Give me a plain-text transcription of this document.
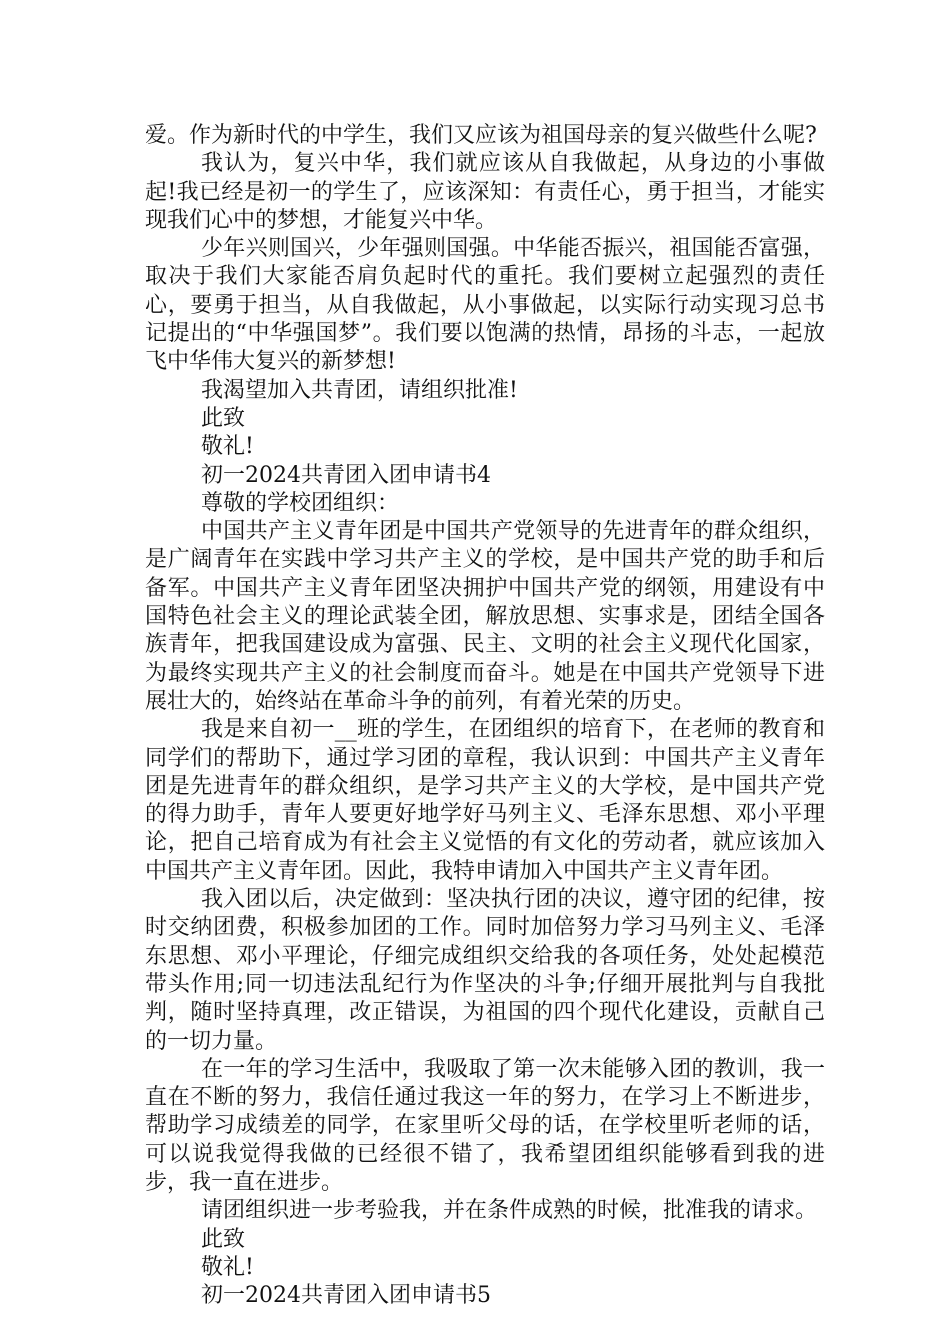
爱。作为新时代的中学生，我们又应该为祖国母亲的复兴做些什么呢?

我认为，复兴中华，我们就应该从自我做起，从身边的小事做起!我已经是初一的学生了，应该深知：有责任心，勇于担当，才能实现我们心中的梦想，才能复兴中华。

少年兴则国兴，少年强则国强。中华能否振兴，祖国能否富强，取决于我们大家能否肩负起时代的重托。我们要树立起强烈的责任心，要勇于担当，从自我做起，从小事做起，以实际行动实现习总书记提出的“中华强国梦”。我们要以饱满的热情，昂扬的斗志，一起放飞中华伟大复兴的新梦想!

我渴望加入共青团，请组织批准!

此致

敬礼!

初一2024共青团入团申请书4

尊敬的学校团组织：

中国共产主义青年团是中国共产党领导的先进青年的群众组织，是广阔青年在实践中学习共产主义的学校，是中国共产党的助手和后备军。中国共产主义青年团坚决拥护中国共产党的纲领，用建设有中国特色社会主义的理论武装全团，解放思想、实事求是，团结全国各族青年，把我国建设成为富强、民主、文明的社会主义现代化国家，为最终实现共产主义的社会制度而奋斗。她是在中国共产党领导下进展壮大的，始终站在革命斗争的前列，有着光荣的历史。

我是来自初一__班的学生，在团组织的培育下，在老师的教育和同学们的帮助下，通过学习团的章程，我认识到：中国共产主义青年团是先进青年的群众组织，是学习共产主义的大学校，是中国共产党的得力助手，青年人要更好地学好马列主义、毛泽东思想、邓小平理论，把自己培育成为有社会主义觉悟的有文化的劳动者，就应该加入中国共产主义青年团。因此，我特申请加入中国共产主义青年团。

我入团以后，决定做到：坚决执行团的决议，遵守团的纪律，按时交纳团费，积极参加团的工作。同时加倍努力学习马列主义、毛泽东思想、邓小平理论，仔细完成组织交给我的各项任务，处处起模范带头作用;同一切违法乱纪行为作坚决的斗争;仔细开展批判与自我批判，随时坚持真理，改正错误，为祖国的四个现代化建设，贡献自己的一切力量。

在一年的学习生活中，我吸取了第一次未能够入团的教训，我一直在不断的努力，我信任通过我这一年的努力，在学习上不断进步，帮助学习成绩差的同学，在家里听父母的话，在学校里听老师的话，可以说我觉得我做的已经很不错了，我希望团组织能够看到我的进步，我一直在进步。

请团组织进一步考验我，并在条件成熟的时候，批准我的请求。

此致

敬礼!

初一2024共青团入团申请书5
